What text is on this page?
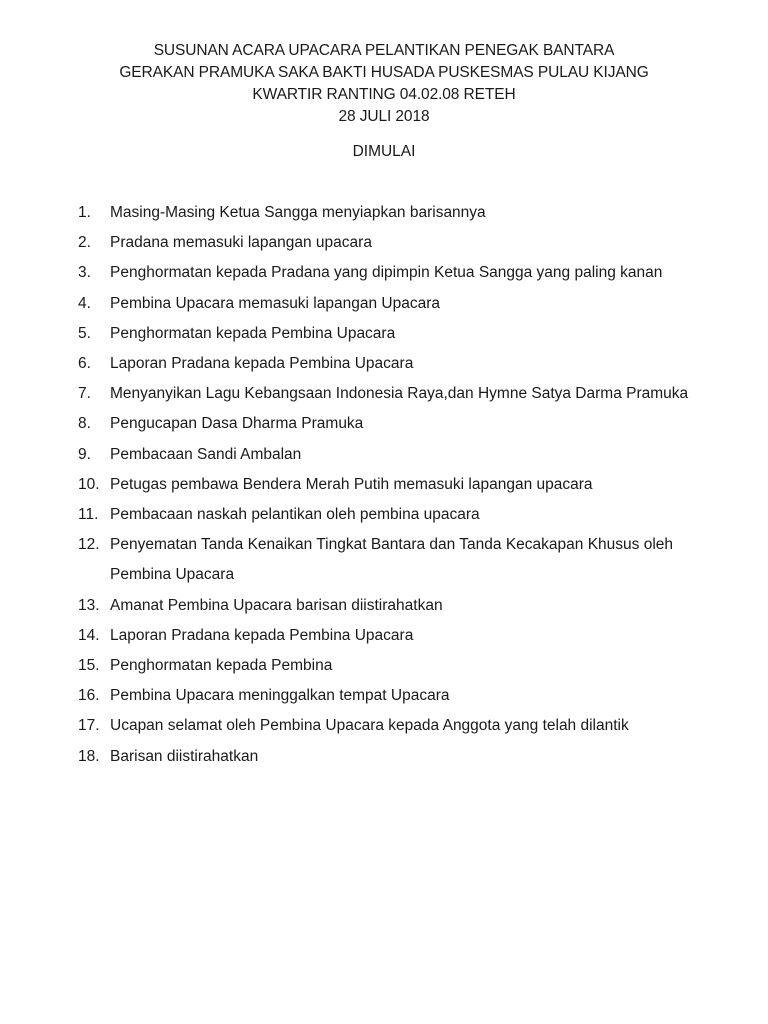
SUSUNAN ACARA UPACARA PELANTIKAN PENEGAK BANTARA
GERAKAN PRAMUKA SAKA BAKTI HUSADA PUSKESMAS PULAU KIJANG
KWARTIR RANTING 04.02.08 RETEH
28 JULI 2018
DIMULAI
1.	Masing-Masing Ketua Sangga menyiapkan barisannya
2.	Pradana memasuki lapangan upacara
3.	Penghormatan kepada Pradana yang dipimpin Ketua Sangga yang paling kanan
4.	Pembina Upacara memasuki lapangan Upacara
5.	Penghormatan kepada Pembina Upacara
6.	Laporan Pradana kepada Pembina Upacara
7.	Menyanyikan Lagu Kebangsaan Indonesia Raya,dan Hymne Satya Darma Pramuka
8.	Pengucapan Dasa Dharma Pramuka
9.	Pembacaan Sandi Ambalan
10. Petugas pembawa Bendera Merah Putih memasuki lapangan upacara
11. Pembacaan naskah pelantikan oleh pembina upacara
12. Penyematan Tanda Kenaikan Tingkat Bantara dan Tanda Kecakapan Khusus oleh Pembina Upacara
13. Amanat Pembina Upacara barisan diistirahatkan
14. Laporan Pradana kepada Pembina Upacara
15. Penghormatan kepada Pembina
16. Pembina Upacara meninggalkan tempat Upacara
17. Ucapan selamat oleh Pembina Upacara kepada Anggota yang telah dilantik
18. Barisan diistirahatkan
